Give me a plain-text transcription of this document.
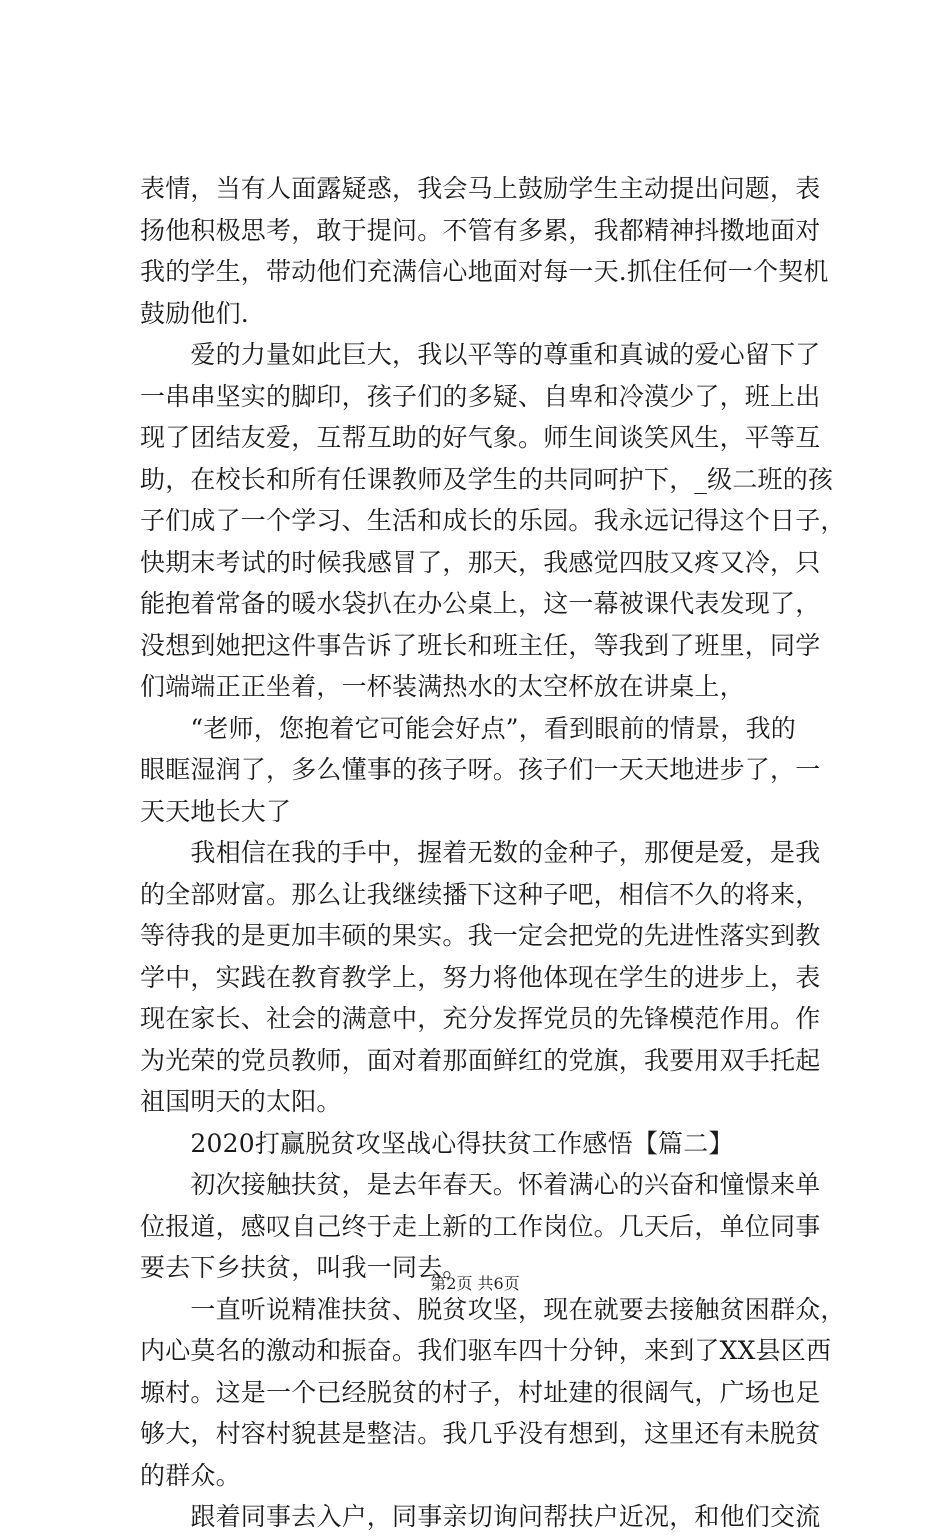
表情，当有人面露疑惑，我会马上鼓励学生主动提出问题，表
扬他积极思考，敢于提问。不管有多累，我都精神抖擞地面对
我的学生，带动他们充满信心地面对每一天.抓住任何一个契机
鼓励他们.
　　爱的力量如此巨大，我以平等的尊重和真诚的爱心留下了
一串串坚实的脚印，孩子们的多疑、自卑和冷漠少了，班上出
现了团结友爱，互帮互助的好气象。师生间谈笑风生，平等互
助，在校长和所有任课教师及学生的共同呵护下，_级二班的孩
子们成了一个学习、生活和成长的乐园。我永远记得这个日子，
快期末考试的时候我感冒了，那天，我感觉四肢又疼又冷，只
能抱着常备的暖水袋扒在办公桌上，这一幕被课代表发现了，
没想到她把这件事告诉了班长和班主任，等我到了班里，同学
们端端正正坐着，一杯装满热水的太空杯放在讲桌上，
　　“老师，您抱着它可能会好点”，看到眼前的情景，我的
眼眶湿润了，多么懂事的孩子呀。孩子们一天天地进步了，一
天天地长大了
　　我相信在我的手中，握着无数的金种子，那便是爱，是我
的全部财富。那么让我继续播下这种子吧，相信不久的将来，
等待我的是更加丰硕的果实。我一定会把党的先进性落实到教
学中，实践在教育教学上，努力将他体现在学生的进步上，表
现在家长、社会的满意中，充分发挥党员的先锋模范作用。作
为光荣的党员教师，面对着那面鲜红的党旗，我要用双手托起
祖国明天的太阳。
　　2020打赢脱贫攻坚战心得扶贫工作感悟【篇二】
　　初次接触扶贫，是去年春天。怀着满心的兴奋和憧憬来单
位报道，感叹自己终于走上新的工作岗位。几天后，单位同事
要去下乡扶贫，叫我一同去。
　　一直听说精准扶贫、脱贫攻坚，现在就要去接触贫困群众，
内心莫名的激动和振奋。我们驱车四十分钟，来到了XX县区西
塬村。这是一个已经脱贫的村子，村址建的很阔气，广场也足
够大，村容村貌甚是整洁。我几乎没有想到，这里还有未脱贫
的群众。
　　跟着同事去入户，同事亲切询问帮扶户近况，和他们交流
第2页 共6页
